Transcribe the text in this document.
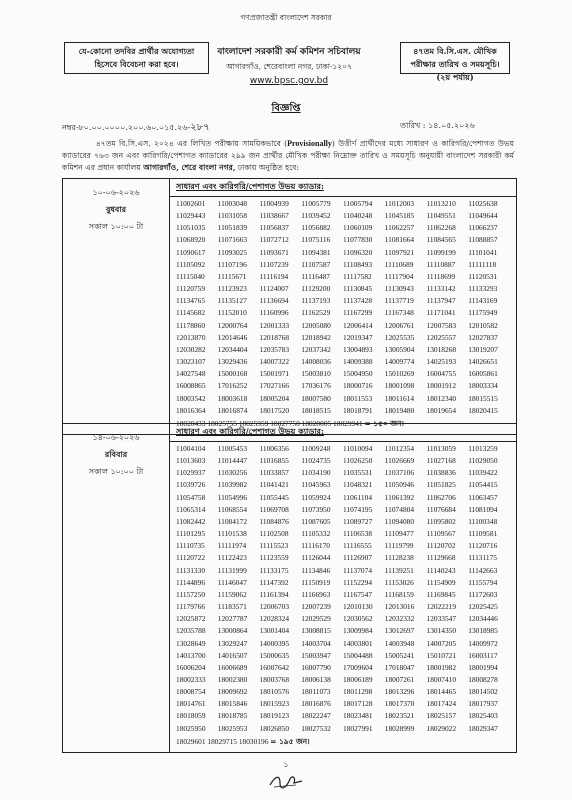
গণপ্রজাতন্ত্রী বাংলাদেশ সরকার
যে-কোনো তদবির প্রার্থীর অযোগ্যতা
হিসেবে বিবেচনা করা হবে।
বাংলাদেশ সরকারী কর্ম কমিশন সচিবালয়
আগারগাঁও, শেরেবাংলা নগর, ঢাকা-১২০৭
www.bpsc.gov.bd
৪৭তম বি.সি.এস. মৌখিক
পরীক্ষার তারিখ ও সময়সূচি।
(২য় পর্যায়)
বিজ্ঞপ্তি
নম্বর-৮০.০০.০০০০.২০০.৬০.০১৫.২৬-২৮৭	তারিখ : ১৪.০৫.২০২৬
৪৭তম বি.সি.এস. ২০২৪ এর লিখিত পরীক্ষায় সাময়িকভাবে (Provisionally) উত্তীর্ণ প্রার্থীদের মধ্যে সাধারণ ও কারিগরি/পেশাগত উভয় ক্যাডারের ৭৬৩ জন এবং কারিগরি/পেশাগত ক্যাডারের ২৯৯ জন প্রার্থীর মৌখিক পরীক্ষা নিম্নোক্ত তারিখ ও সময়সূচি অনুযায়ী বাংলাদেশ সরকারী কর্ম কমিশন এর প্রধান কার্যালয় আগারগাঁও, শেরে বাংলা নগর, ঢাকায় অনুষ্ঠিত হবে:
১০-০৬-২০২৬
বুধবার
সকাল ১০:০০ টা
	সাধারণ এবং কারিগরি/পেশাগত উভয় ক্যাডার:

11002601	11003048	11004939	11005779	11005794	11012003	11013210	11025638
11029443	11031058	11038667	11039452	11040248	11045185	11049551	11049644
11051035	11051839	11056837	11056882	11060109	11062257	11062268	11066237
11068920	11071663	11072712	11075116	11077830	11081664	11084565	11088857
11090617	11093025	11093671	11094381	11096320	11097921	11099199	11101041
11105092	11107196	11107239	11107587	11108493	11110689	11110887	11111118
11115040	11115671	11116194	11116487	11117582	11117904	11118699	11120531
11120759	11123923	11124007	11129200	11130845	11130943	11133142	11133293
11134765	11135127	11136694	11137193	11137428	11137719	11137947	11143169
11145682	11152010	11160996	11162529	11167299	11167348	11171041	11175949
11178860	12000764	12001333	12005080	12006414	12006761	12007583	12010582
12013870	12014646	12018768	12018942	12019347	12025535	12025557	12027837
12030282	12034404	12035783	12037342	13004893	13005904	13018268	13019207
13023107	13029436	14007322	14008036	14009388	14009774	14025193	14026651
14027548	15000168	15001971	15003810	15004950	15010269	16004755	16005861
16008865	17016252	17027166	17036176	18000716	18001098	18001912	18003334
18003542	18003618	18005204	18007580	18011553	18011614	18012340	18015515
18016364	18016874	18017520	18018515	18018791	18019480	18019654	18020415
18020433 18025755 18025959 18027750 18028005 18029941 = ১৫০ জন।
১৪-০৬-২০২৬
রবিবার
সকাল ১০:০০ টা
	সাধারণ এবং কারিগরি/পেশাগত উভয় ক্যাডার:

11004104	11005453	11006356	11009248	11010094	11012354	11013059	11013259
11013603	11014447	11016855	11024735	11026250	11026669	11027168	11029050
11029937	11030256	11033857	11034190	11035531	11037106	11038836	11039422
11039726	11039982	11041421	11045963	11048321	11050946	11051825	11054415
11054758	11054996	11055445	11059924	11061104	11061392	11062706	11063457
11065314	11068554	11069708	11073950	11074195	11074804	11076684	11081094
11082442	11084172	11084876	11087605	11089727	11094080	11095802	11100348
11101295	11101538	11102508	11105332	11106538	11109477	11109567	11109581
11110735	11111974	11115523	11116170	11116555	11119799	11120702	11120716
11120722	11122423	11123559	11126044	11126907	11128238	11129668	11131175
11131330	11131999	11133175	11134846	11137074	11139251	11140243	11142663
11144896	11146047	11147392	11150919	11152294	11153026	11154909	11155794
11157250	11159062	11161394	11166963	11167547	11168159	11169845	11172603
11179766	11183571	12006703	12007239	12010130	12013016	12022219	12025425
12025872	12027787	12028324	12029529	12030562	12032332	12033547	12034446
12035788	13000864	13001404	13008815	13009984	13012697	13014350	13018985
13028649	13029247	14000395	14003704	14003801	14003948	14007205	14009972
14013700	14016507	15000635	15003947	15004488	15005241	15010721	16003117
16006204	16006689	16007642	16007790	17009604	17018047	18001982	18001994
18002333	18002380	18003768	18006138	18006189	18007261	18007410	18008278
18008754	18009692	18010576	18011073	18011298	18013296	18014465	18014502
18014761	18015846	18015923	18016876	18017128	18017370	18017424	18017937
18018059	18018785	18019123	18022247	18023481	18023521	18025157	18025403
18025950	18025953	18026850	18027532	18027991	18028999	18029022	18029347
18029601 18029715 18030196 = ১৯৫ জন।
১
